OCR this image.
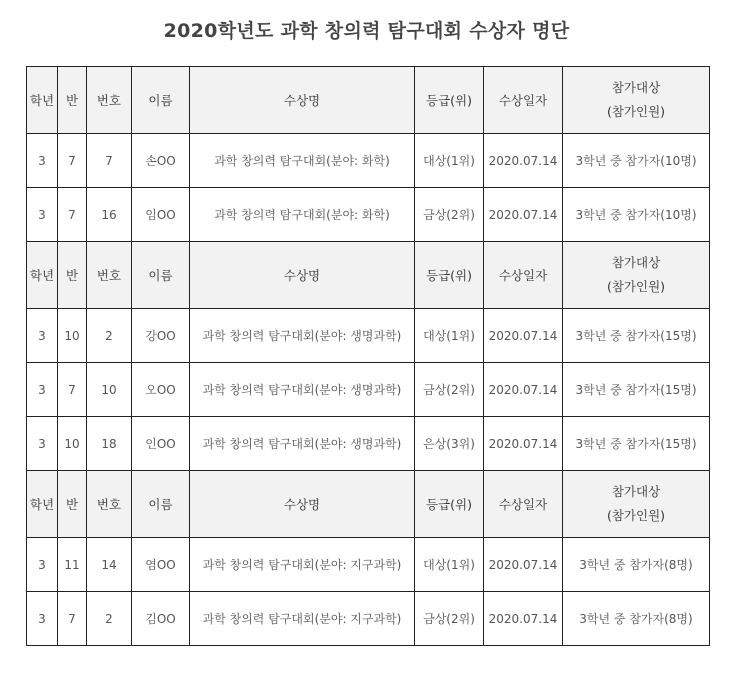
2020학년도 과학 창의력 탐구대회 수상자 명단
학년	반	번호	이름	수상명	등급(위)	수상일자	참가대상
(참가인원)

3	7	7	손OO	과학 창의력 탐구대회(분야: 화학)	대상(1위)	2020.07.14	3학년 중 참가자(10명)
3	7	16	임OO	과학 창의력 탐구대회(분야: 화학)	금상(2위)	2020.07.14	3학년 중 참가자(10명)
학년	반	번호	이름	수상명	등급(위)	수상일자	참가대상
(참가인원)

3	10	2	강OO	과학 창의력 탐구대회(분야: 생명과학)	대상(1위)	2020.07.14	3학년 중 참가자(15명)
3	7	10	오OO	과학 창의력 탐구대회(분야: 생명과학)	금상(2위)	2020.07.14	3학년 중 참가자(15명)
3	10	18	인OO	과학 창의력 탐구대회(분야: 생명과학)	은상(3위)	2020.07.14	3학년 중 참가자(15명)
학년	반	번호	이름	수상명	등급(위)	수상일자	참가대상
(참가인원)

3	11	14	염OO	과학 창의력 탐구대회(분야: 지구과학)	대상(1위)	2020.07.14	3학년 중 참가자(8명)
3	7	2	김OO	과학 창의력 탐구대회(분야: 지구과학)	금상(2위)	2020.07.14	3학년 중 참가자(8명)
